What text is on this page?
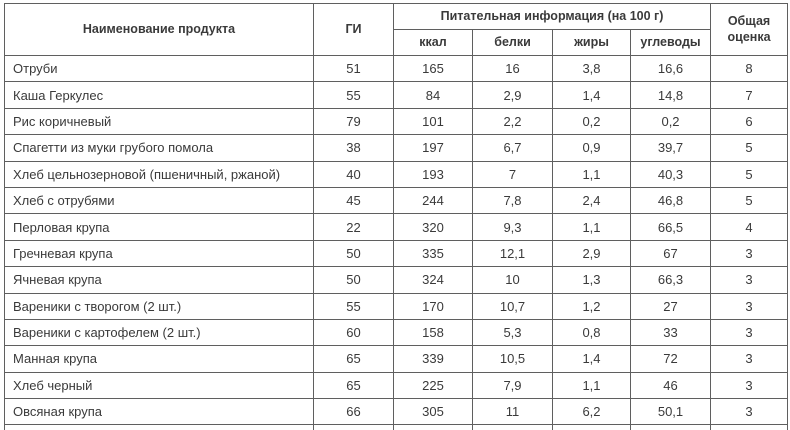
Наименование продукта	ГИ	Питательная информация (на 100 г)				Общая оценка
		ккал	белки	жиры	углеводы	
Отруби	51	165	16	3,8	16,6	8
Каша Геркулес	55	84	2,9	1,4	14,8	7
Рис коричневый	79	101	2,2	0,2	0,2	6
Спагетти из муки грубого помола	38	197	6,7	0,9	39,7	5
Хлеб цельнозерновой (пшеничный, ржаной)	40	193	7	1,1	40,3	5
Хлеб с отрубями	45	244	7,8	2,4	46,8	5
Перловая крупа	22	320	9,3	1,1	66,5	4
Гречневая крупа	50	335	12,1	2,9	67	3
Ячневая крупа	50	324	10	1,3	66,3	3
Вареники с творогом (2 шт.)	55	170	10,7	1,2	27	3
Вареники с картофелем (2 шт.)	60	158	5,3	0,8	33	3
Манная крупа	65	339	10,5	1,4	72	3
Хлеб черный	65	225	7,9	1,1	46	3
Овсяная крупа	66	305	11	6,2	50,1	3
